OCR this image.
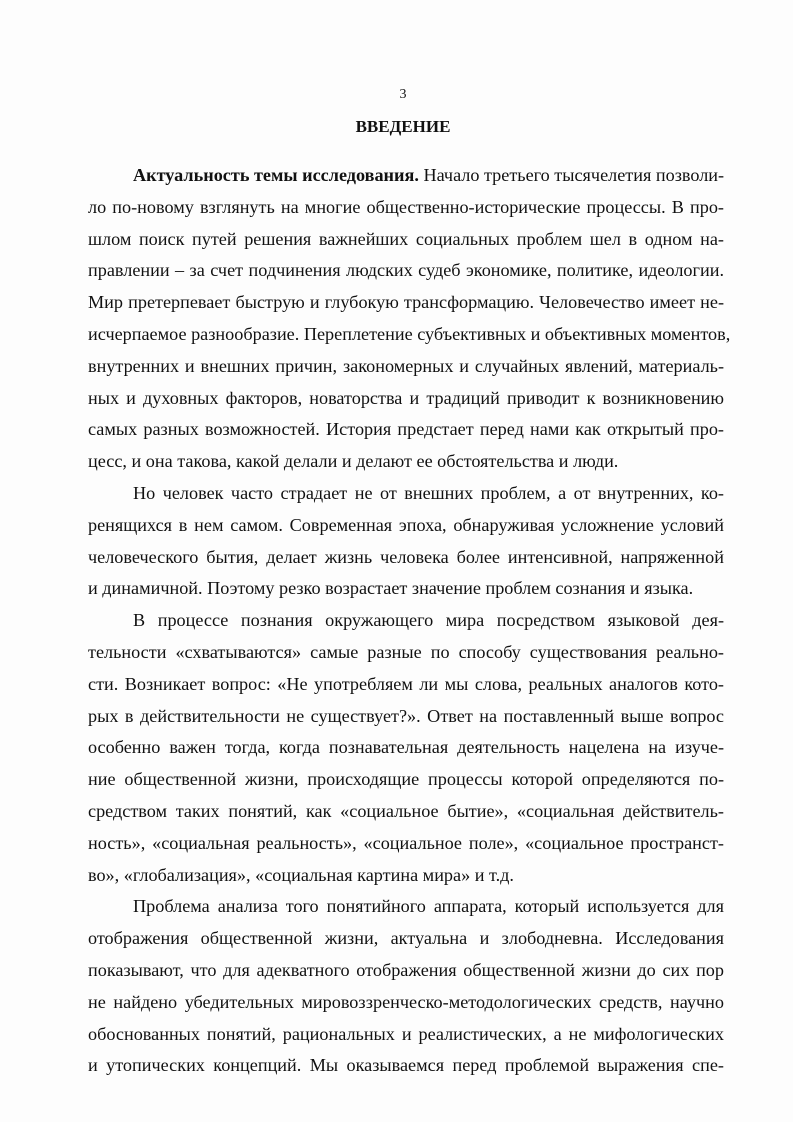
3
ВВЕДЕНИЕ
Актуальность темы исследования. Начало третьего тысячелетия позволи-
ло по-новому взглянуть на многие общественно-исторические процессы. В про-
шлом поиск путей решения важнейших социальных проблем шел в одном на-
правлении – за счет подчинения людских судеб экономике, политике, идеологии.
Мир претерпевает быструю и глубокую трансформацию. Человечество имеет не-
исчерпаемое разнообразие. Переплетение субъективных и объективных моментов,
внутренних и внешних причин, закономерных и случайных явлений, материаль-
ных и духовных факторов, новаторства и традиций приводит к возникновению
самых разных возможностей. История предстает перед нами как открытый про-
цесс, и она такова, какой делали и делают ее обстоятельства и люди.
Но человек часто страдает не от внешних проблем, а от внутренних, ко-
ренящихся в нем самом. Современная эпоха, обнаруживая усложнение условий
человеческого бытия, делает жизнь человека более интенсивной, напряженной
и динамичной. Поэтому резко возрастает значение проблем сознания и языка.
В процессе познания окружающего мира посредством языковой дея-
тельности «схватываются» самые разные по способу существования реально-
сти. Возникает вопрос: «Не употребляем ли мы слова, реальных аналогов кото-
рых в действительности не существует?». Ответ на поставленный выше вопрос
особенно важен тогда, когда познавательная деятельность нацелена на изуче-
ние общественной жизни, происходящие процессы которой определяются по-
средством таких понятий, как «социальное бытие», «социальная действитель-
ность», «социальная реальность», «социальное поле», «социальное пространст-
во», «глобализация», «социальная картина мира» и т.д.
Проблема анализа того понятийного аппарата, который используется для
отображения общественной жизни, актуальна и злободневна. Исследования
показывают, что для адекватного отображения общественной жизни до сих пор
не найдено убедительных мировоззренческо-методологических средств, научно
обоснованных понятий, рациональных и реалистических, а не мифологических
и утопических концепций. Мы оказываемся перед проблемой выражения спе-
